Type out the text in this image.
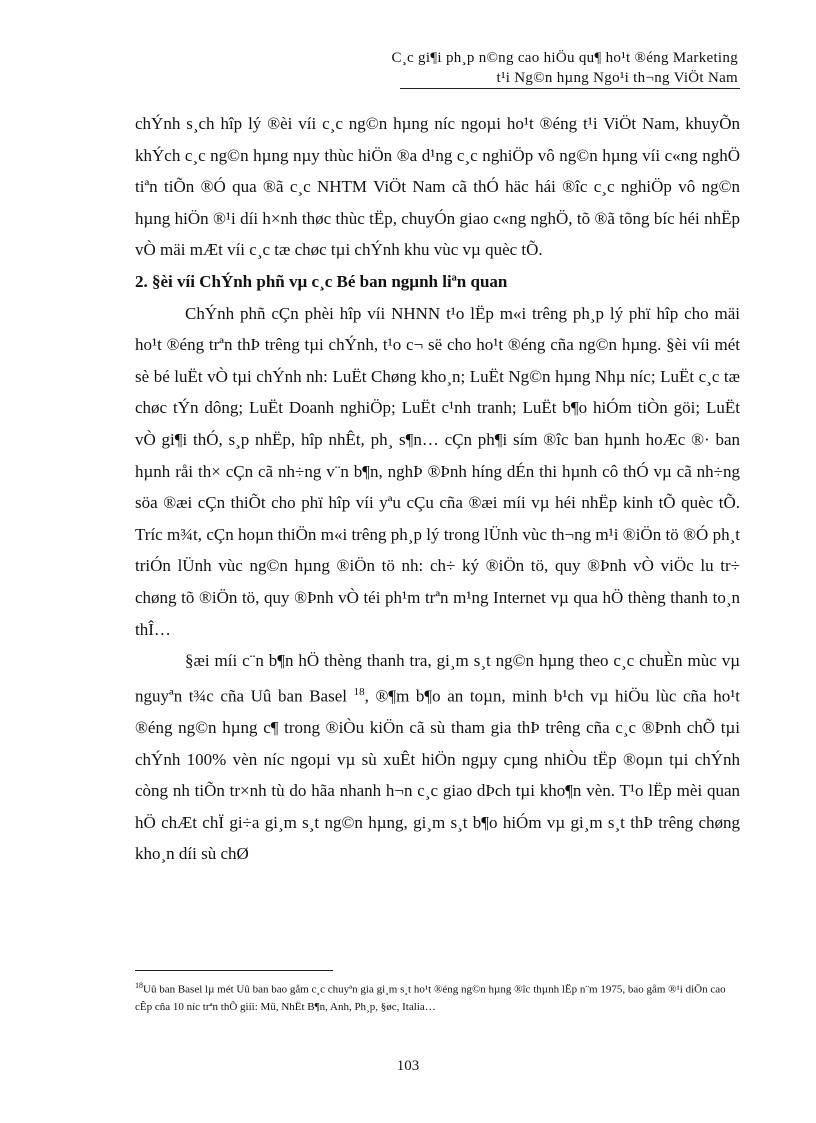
C¸c gi¶i ph¸p n©ng cao hiÖu qu¶ ho¹t ®éng Marketing
t¹i Ng©n hµng Ngo¹i th¬ng ViÖt Nam

chÝnh s¸ch hîp lý ®èi víi c¸c ng©n hµng níc ngoµi ho¹t ®éng t¹i ViÖt Nam, khuyÕn khÝch c¸c ng©n hµng nµy thùc hiÖn ®a d¹ng c¸c nghiÖp vô ng©n hµng víi c«ng nghÖ tiªn tiÕn ®Ó qua ®ã c¸c NHTM ViÖt Nam cã thÓ häc hái ®îc c¸c nghiÖp vô ng©n hµng hiÖn ®¹i díi h×nh thøc thùc tËp, chuyÓn giao c«ng nghÖ, tõ ®ã tõng bíc héi nhËp vÒ mäi mÆt víi c¸c tæ chøc tµi chÝnh khu vùc vµ quèc tÕ.

2. §èi víi ChÝnh phñ vµ c¸c Bé ban ngµnh liªn quan

ChÝnh phñ cÇn phèi hîp víi NHNN t¹o lËp m«i trêng ph¸p lý phï hîp cho mäi ho¹t ®éng trªn thÞ trêng tµi chÝnh, t¹o c¬ së cho ho¹t ®éng cña ng©n hµng. §èi víi mét sè bé luËt vÒ tµi chÝnh nh: LuËt Chøng kho¸n; LuËt Ng©n hµng Nhµ níc; LuËt c¸c tæ chøc tÝn dông; LuËt Doanh nghiÖp; LuËt c¹nh tranh; LuËt b¶o hiÓm tiÒn göi; LuËt vÒ gi¶i thÓ, s¸p nhËp, hîp nhÊt, ph¸ s¶n… cÇn ph¶i sím ®îc ban hµnh hoÆc ®· ban hµnh råi th× cÇn cã nh÷ng v¨n b¶n, nghÞ ®Þnh híng dÉn thi hµnh cô thÓ vµ cã nh÷ng söa ®æi cÇn thiÕt cho phï hîp víi yªu cÇu cña ®æi míi vµ héi nhËp kinh tÕ quèc tÕ. Tríc m¾t, cÇn hoµn thiÖn m«i trêng ph¸p lý trong lÜnh vùc th¬ng m¹i ®iÖn tö ®Ó ph¸t triÓn lÜnh vùc ng©n hµng ®iÖn tö nh: ch÷ ký ®iÖn tö, quy ®Þnh vÒ viÖc lu tr÷ chøng tõ ®iÖn tö, quy ®Þnh vÒ téi ph¹m trªn m¹ng Internet vµ qua hÖ thèng thanh to¸n thÎ…

§æi míi c¨n b¶n hÖ thèng thanh tra, gi¸m s¸t ng©n hµng theo c¸c chuÈn mùc vµ nguyªn t¾c cña Uû ban Basel $^{18}$, ®¶m b¶o an toµn, minh b¹ch vµ hiÖu lùc cña ho¹t ®éng ng©n hµng c¶ trong ®iÒu kiÖn cã sù tham gia thÞ trêng cña c¸c ®Þnh chÕ tµi chÝnh 100% vèn níc ngoµi vµ sù xuÊt hiÖn ngµy cµng nhiÒu tËp ®oµn tµi chÝnh còng nh tiÕn tr×nh tù do hãa nhanh h¬n c¸c giao dÞch tµi kho¶n vèn. T¹o lËp mèi quan hÖ chÆt chÏ gi÷a gi¸m s¸t ng©n hµng, gi¸m s¸t b¶o hiÓm vµ gi¸m s¸t thÞ trêng chøng kho¸n díi sù chØ

$^{18}$Uû ban Basel lµ mét Uû ban bao gåm c¸c chuyªn gia gi¸m s¸t ho¹t ®éng ng©n hµng ®îc thµnh lËp n¨m 1975, bao gåm ®¹i diÖn cao cÊp cña 10 níc trªn thÕ giíi: Mü, NhËt B¶n, Anh, Ph¸p, §øc, Italia…
103
